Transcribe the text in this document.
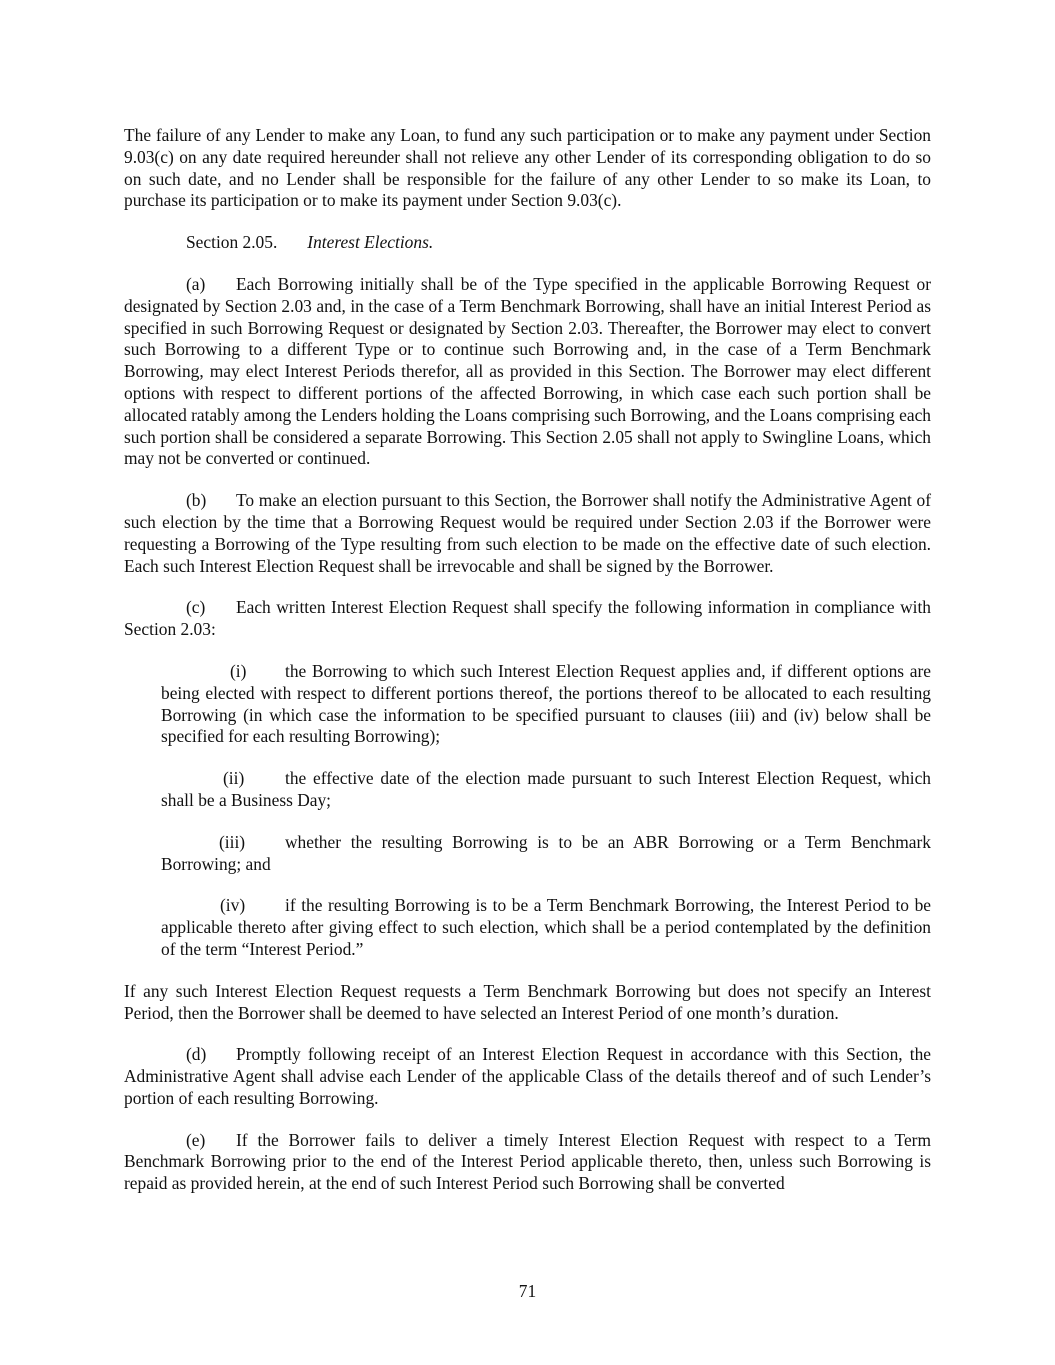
The failure of any Lender to make any Loan, to fund any such participation or to make any payment under Section 9.03(c) on any date required hereunder shall not relieve any other Lender of its corresponding obligation to do so on such date, and no Lender shall be responsible for the failure of any other Lender to so make its Loan, to purchase its participation or to make its payment under Section 9.03(c).

Section 2.05. Interest Elections.

(a) Each Borrowing initially shall be of the Type specified in the applicable Borrowing Request or designated by Section 2.03 and, in the case of a Term Benchmark Borrowing, shall have an initial Interest Period as specified in such Borrowing Request or designated by Section 2.03. Thereafter, the Borrower may elect to convert such Borrowing to a different Type or to continue such Borrowing and, in the case of a Term Benchmark Borrowing, may elect Interest Periods therefor, all as provided in this Section. The Borrower may elect different options with respect to different portions of the affected Borrowing, in which case each such portion shall be allocated ratably among the Lenders holding the Loans comprising such Borrowing, and the Loans comprising each such portion shall be considered a separate Borrowing. This Section 2.05 shall not apply to Swingline Loans, which may not be converted or continued.

(b) To make an election pursuant to this Section, the Borrower shall notify the Administrative Agent of such election by the time that a Borrowing Request would be required under Section 2.03 if the Borrower were requesting a Borrowing of the Type resulting from such election to be made on the effective date of such election. Each such Interest Election Request shall be irrevocable and shall be signed by the Borrower.

(c) Each written Interest Election Request shall specify the following information in compliance with Section 2.03:

(i) the Borrowing to which such Interest Election Request applies and, if different options are being elected with respect to different portions thereof, the portions thereof to be allocated to each resulting Borrowing (in which case the information to be specified pursuant to clauses (iii) and (iv) below shall be specified for each resulting Borrowing);

(ii) the effective date of the election made pursuant to such Interest Election Request, which shall be a Business Day;

(iii) whether the resulting Borrowing is to be an ABR Borrowing or a Term Benchmark Borrowing; and

(iv) if the resulting Borrowing is to be a Term Benchmark Borrowing, the Interest Period to be applicable thereto after giving effect to such election, which shall be a period contemplated by the definition of the term “Interest Period.”

If any such Interest Election Request requests a Term Benchmark Borrowing but does not specify an Interest Period, then the Borrower shall be deemed to have selected an Interest Period of one month’s duration.

(d) Promptly following receipt of an Interest Election Request in accordance with this Section, the Administrative Agent shall advise each Lender of the applicable Class of the details thereof and of such Lender’s portion of each resulting Borrowing.

(e) If the Borrower fails to deliver a timely Interest Election Request with respect to a Term Benchmark Borrowing prior to the end of the Interest Period applicable thereto, then, unless such Borrowing is repaid as provided herein, at the end of such Interest Period such Borrowing shall be converted

71
